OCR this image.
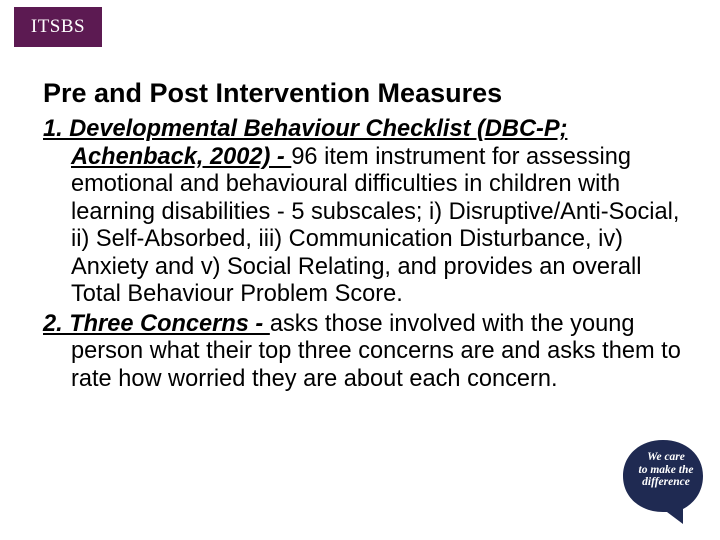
ITSBS
Pre and Post Intervention Measures

1. Developmental Behaviour Checklist (DBC-P; Achenback, 2002) - 96 item instrument for assessing emotional and behavioural difficulties in children with learning disabilities - 5 subscales; i) Disruptive/Anti-Social, ii) Self-Absorbed, iii) Communication Disturbance, iv) Anxiety and v) Social Relating, and provides an overall Total Behaviour Problem Score.

2. Three Concerns - asks those involved with the young person what their top three concerns are and asks them to rate how worried they are about each concern.

We care
to make the
difference
